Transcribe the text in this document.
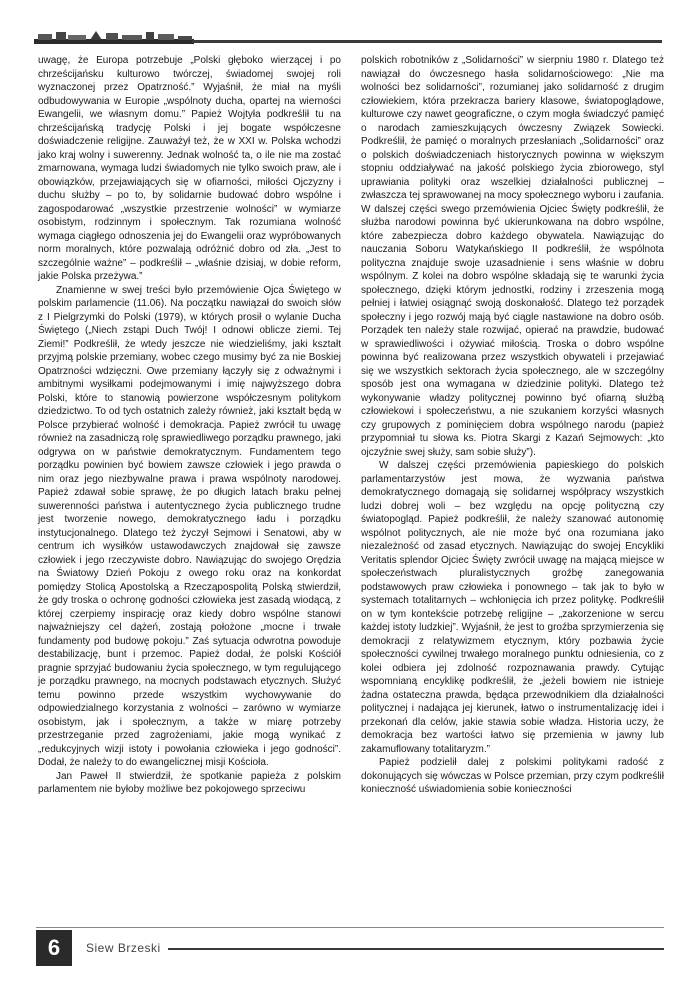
uwagę, że Europa potrzebuje „Polski głęboko wierzącej i po chrześcijańsku kulturowo twórczej, świadomej swojej roli wyznaczonej przez Opatrzność.” Wyjaśnił, że miał na myśli odbudowywania w Europie „wspólnoty ducha, opartej na wierności Ewangelii, we własnym domu.” Papież Wojtyła podkreślił tu na chrześcijańską tradycję Polski i jej bogate współczesne doświadczenie religijne. Zauważył też, że w XXI w. Polska wchodzi jako kraj wolny i suwerenny. Jednak wolność ta, o ile nie ma zostać zmarnowana, wymaga ludzi świadomych nie tylko swoich praw, ale i obowiązków, przejawiających się w ofiarności, miłości Ojczyzny i duchu służby – po to, by solidarnie budować dobro wspólne i zagospodarować „wszystkie przestrzenie wolności” w wymiarze osobistym, rodzinnym i społecznym. Tak rozumiana wolność wymaga ciągłego odnoszenia jej do Ewangelii oraz wypróbowanych norm moralnych, które pozwalają odróżnić dobro od zła. „Jest to szczególnie ważne” – podkreślił – „właśnie dzisiaj, w dobie reform, jakie Polska przeżywa.”

Znamienne w swej treści było przemówienie Ojca Świętego w polskim parlamencie (11.06). Na początku nawiązał do swoich słów z I Pielgrzymki do Polski (1979), w których prosił o wylanie Ducha Świętego („Niech zstąpi Duch Twój! I odnowi oblicze ziemi. Tej Ziemi!” Podkreślił, że wtedy jeszcze nie wiedzieliśmy, jaki kształt przyjmą polskie przemiany, wobec czego musimy być za nie Boskiej Opatrzności wdzięczni. Owe przemiany łączyły się z odważnymi i ambitnymi wysiłkami podejmowanymi i imię najwyższego dobra Polski, które to stanowią powierzone współczesnym politykom dziedzictwo. To od tych ostatnich zależy również, jaki kształt będą w Polsce przybierać wolność i demokracja. Papież zwrócił tu uwagę również na zasadniczą rolę sprawiedliwego porządku prawnego, jaki odgrywa on w państwie demokratycznym. Fundamentem tego porządku powinien być bowiem zawsze człowiek i jego prawda o nim oraz jego niezbywalne prawa i prawa wspólnoty narodowej. Papież zdawał sobie sprawę, że po długich latach braku pełnej suwerenności państwa i autentycznego życia publicznego trudne jest tworzenie nowego, demokratycznego ładu i porządku instytucjonalnego. Dlatego też życzył Sejmowi i Senatowi, aby w centrum ich wysiłków ustawodawczych znajdował się zawsze człowiek i jego rzeczywiste dobro. Nawiązując do swojego Orędzia na Światowy Dzień Pokoju z owego roku oraz na konkordat pomiędzy Stolicą Apostolską a Rzecząpospolitą Polską stwierdził, że gdy troska o ochronę godności człowieka jest zasadą wiodącą, z której czerpiemy inspirację oraz kiedy dobro wspólne stanowi najważniejszy cel dążeń, zostają położone „mocne i trwałe fundamenty pod budowę pokoju.” Zaś sytuacja odwrotna powoduje destabilizację, bunt i przemoc. Papież dodał, że polski Kościół pragnie sprzyjać budowaniu życia społecznego, w tym regulującego je porządku prawnego, na mocnych podstawach etycznych. Służyć temu powinno przede wszystkim wychowywanie do odpowiedzialnego korzystania z wolności – zarówno w wymiarze osobistym, jak i społecznym, a także w miarę potrzeby przestrzeganie przed zagrożeniami, jakie mogą wynikać z „redukcyjnych wizji istoty i powołania człowieka i jego godności”. Dodał, że należy to do ewangelicznej misji Kościoła.

Jan Paweł II stwierdził, że spotkanie papieża z polskim parlamentem nie byłoby możliwe bez pokojowego sprzeciwu

polskich robotników z „Solidarności” w sierpniu 1980 r. Dlatego też nawiązał do ówczesnego hasła solidarnościowego: „Nie ma wolności bez solidarności”, rozumianej jako solidarność z drugim człowiekiem, która przekracza bariery klasowe, światopoglądowe, kulturowe czy nawet geograficzne, o czym mogła świadczyć pamięć o narodach zamieszkujących ówczesny Związek Sowiecki. Podkreślił, że pamięć o moralnych przesłaniach „Solidarności” oraz o polskich doświadczeniach historycznych powinna w większym stopniu oddziaływać na jakość polskiego życia zbiorowego, styl uprawiania polityki oraz wszelkiej działalności publicznej – zwłaszcza tej sprawowanej na mocy społecznego wyboru i zaufania. W dalszej części swego przemówienia Ojciec Święty podkreślił, że służba narodowi powinna być ukierunkowana na dobro wspólne, które zabezpiecza dobro każdego obywatela. Nawiązując do nauczania Soboru Watykańskiego II podkreślił, że wspólnota polityczna znajduje swoje uzasadnienie i sens właśnie w dobru wspólnym. Z kolei na dobro wspólne składają się te warunki życia społecznego, dzięki którym jednostki, rodziny i zrzeszenia mogą pełniej i łatwiej osiągnąć swoją doskonałość. Dlatego też porządek społeczny i jego rozwój mają być ciągle nastawione na dobro osób. Porządek ten należy stale rozwijać, opierać na prawdzie, budować w sprawiedliwości i ożywiać miłością. Troska o dobro wspólne powinna być realizowana przez wszystkich obywateli i przejawiać się we wszystkich sektorach życia społecznego, ale w szczególny sposób jest ona wymagana w dziedzinie polityki. Dlatego też wykonywanie władzy politycznej powinno być ofiarną służbą człowiekowi i społeczeństwu, a nie szukaniem korzyści własnych czy grupowych z pominięciem dobra wspólnego narodu (papież przypomniał tu słowa ks. Piotra Skargi z Kazań Sejmowych: „kto ojczyźnie swej służy, sam sobie służy”).

W dalszej części przemówienia papieskiego do polskich parlamentarzystów jest mowa, że wyzwania państwa demokratycznego domagają się solidarnej współpracy wszystkich ludzi dobrej woli – bez względu na opcję polityczną czy światopogląd. Papież podkreślił, że należy szanować autonomię wspólnot politycznych, ale nie może być ona rozumiana jako niezależność od zasad etycznych. Nawiązując do swojej Encykliki Veritatis splendor Ojciec Święty zwrócił uwagę na mającą miejsce w społeczeństwach pluralistycznych groźbę zanegowania podstawowych praw człowieka i ponownego – tak jak to było w systemach totalitarnych – wchłonięcia ich przez politykę. Podkreślił on w tym kontekście potrzebę religijne – „zakorzenione w sercu każdej istoty ludzkiej”. Wyjaśnił, że jest to groźba sprzymierzenia się demokracji z relatywizmem etycznym, który pozbawia życie społeczności cywilnej trwałego moralnego punktu odniesienia, co z kolei odbiera jej zdolność rozpoznawania prawdy. Cytując wspomnianą encyklikę podkreślił, że „jeżeli bowiem nie istnieje żadna ostateczna prawda, będąca przewodnikiem dla działalności politycznej i nadająca jej kierunek, łatwo o instrumentalizację idei i przekonań dla celów, jakie stawia sobie władza. Historia uczy, że demokracja bez wartości łatwo się przemienia w jawny lub zakamuflowany totalitaryzm.”

Papież podzielił dalej z polskimi politykami radość z dokonujących się wówczas w Polsce przemian, przy czym podkreślił konieczność uświadomienia sobie konieczności

6	Siew Brzeski
